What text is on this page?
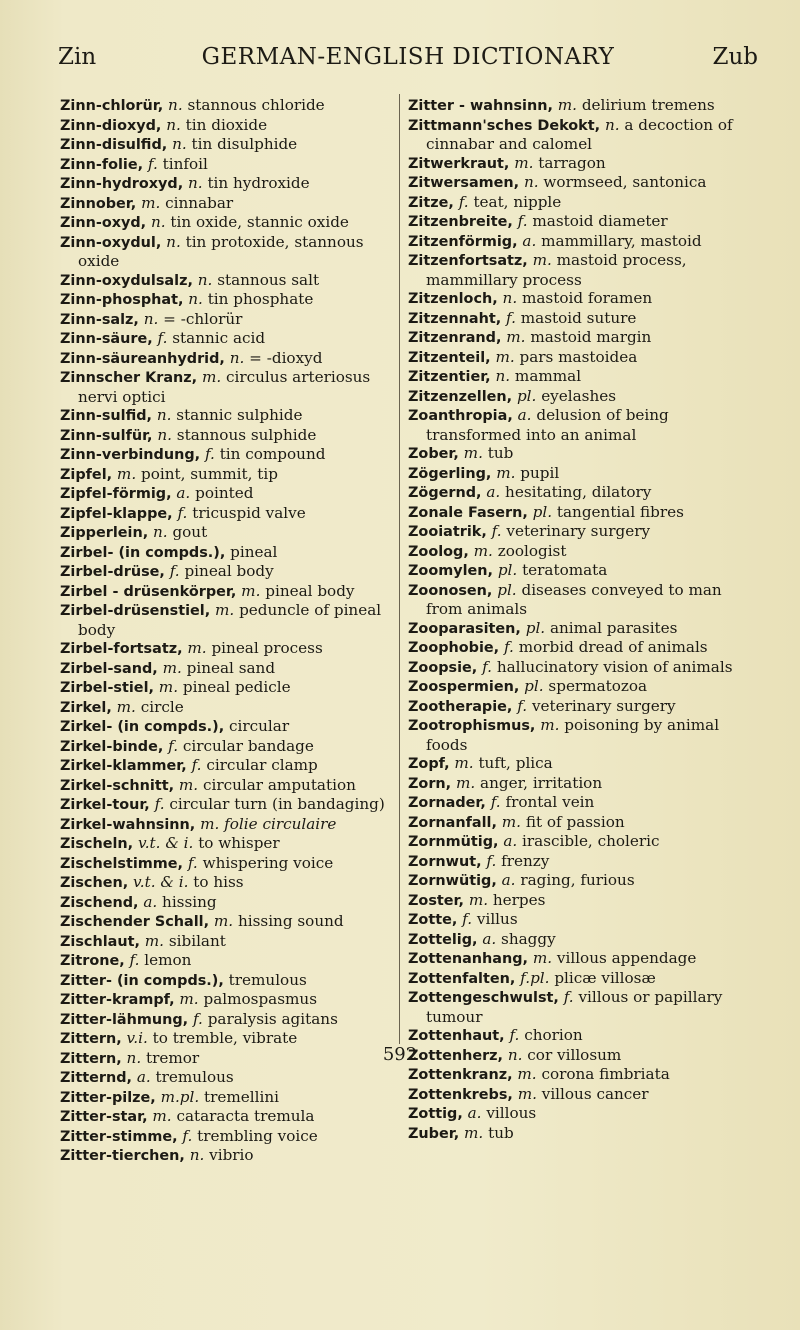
Zin	GERMAN-ENGLISH DICTIONARY	Zub

Zinn-chlorür, n. stannous chloride

Zinn-dioxyd, n. tin dioxide

Zinn-disulfid, n. tin disulphide

Zinn-folie, f. tinfoil

Zinn-hydroxyd, n. tin hydroxide

Zinnober, m. cinnabar

Zinn-oxyd, n. tin oxide, stannic oxide

Zinn-oxydul, n. tin protoxide, stannous oxide

Zinn-oxydulsalz, n. stannous salt

Zinn-phosphat, n. tin phosphate

Zinn-salz, n. = -chlorür

Zinn-säure, f. stannic acid

Zinn-säureanhydrid, n. = -dioxyd

Zinnscher Kranz, m. circulus arteriosus nervi optici

Zinn-sulfid, n. stannic sulphide

Zinn-sulfür, n. stannous sulphide

Zinn-verbindung, f. tin compound

Zipfel, m. point, summit, tip

Zipfel-förmig, a. pointed

Zipfel-klappe, f. tricuspid valve

Zipperlein, n. gout

Zirbel- (in compds.), pineal

Zirbel-drüse, f. pineal body

Zirbel - drüsenkörper, m. pineal body

Zirbel-drüsenstiel, m. peduncle of pineal body

Zirbel-fortsatz, m. pineal process

Zirbel-sand, m. pineal sand

Zirbel-stiel, m. pineal pedicle

Zirkel, m. circle

Zirkel- (in compds.), circular

Zirkel-binde, f. circular bandage

Zirkel-klammer, f. circular clamp

Zirkel-schnitt, m. circular amputation

Zirkel-tour, f. circular turn (in bandaging)

Zirkel-wahnsinn, m. folie circulaire

Zischeln, v.t. & i. to whisper

Zischelstimme, f. whispering voice

Zischen, v.t. & i. to hiss

Zischend, a. hissing

Zischender Schall, m. hissing sound

Zischlaut, m. sibilant

Zitrone, f. lemon

Zitter- (in compds.), tremulous

Zitter-krampf, m. palmospasmus

Zitter-lähmung, f. paralysis agitans

Zittern, v.i. to tremble, vibrate

Zittern, n. tremor

Zitternd, a. tremulous

Zitter-pilze, m.pl. tremellini

Zitter-star, m. cataracta tremula

Zitter-stimme, f. trembling voice

Zitter-tierchen, n. vibrio

Zitter - wahnsinn, m. delirium tremens

Zittmann'sches Dekokt, n. a decoction of cinnabar and calomel

Zitwerkraut, m. tarragon

Zitwersamen, n. wormseed, santonica

Zitze, f. teat, nipple

Zitzenbreite, f. mastoid diameter

Zitzenförmig, a. mammillary, mastoid

Zitzenfortsatz, m. mastoid process, mammillary process

Zitzenloch, n. mastoid foramen

Zitzennaht, f. mastoid suture

Zitzenrand, m. mastoid margin

Zitzenteil, m. pars mastoidea

Zitzentier, n. mammal

Zitzenzellen, pl. eyelashes

Zoanthropia, a. delusion of being transformed into an animal

Zober, m. tub

Zögerling, m. pupil

Zögernd, a. hesitating, dilatory

Zonale Fasern, pl. tangential fibres

Zooiatrik, f. veterinary surgery

Zoolog, m. zoologist

Zoomylen, pl. teratomata

Zoonosen, pl. diseases conveyed to man from animals

Zooparasiten, pl. animal parasites

Zoophobie, f. morbid dread of animals

Zoopsie, f. hallucinatory vision of animals

Zoospermien, pl. spermatozoa

Zootherapie, f. veterinary surgery

Zootrophismus, m. poisoning by animal foods

Zopf, m. tuft, plica

Zorn, m. anger, irritation

Zornader, f. frontal vein

Zornanfall, m. fit of passion

Zornmütig, a. irascible, choleric

Zornwut, f. frenzy

Zornwütig, a. raging, furious

Zoster, m. herpes

Zotte, f. villus

Zottelig, a. shaggy

Zottenanhang, m. villous appendage

Zottenfalten, f.pl. plicæ villosæ

Zottengeschwulst, f. villous or papillary tumour

Zottenhaut, f. chorion

Zottenherz, n. cor villosum

Zottenkranz, m. corona fimbriata

Zottenkrebs, m. villous cancer

Zottig, a. villous

Zuber, m. tub

592
